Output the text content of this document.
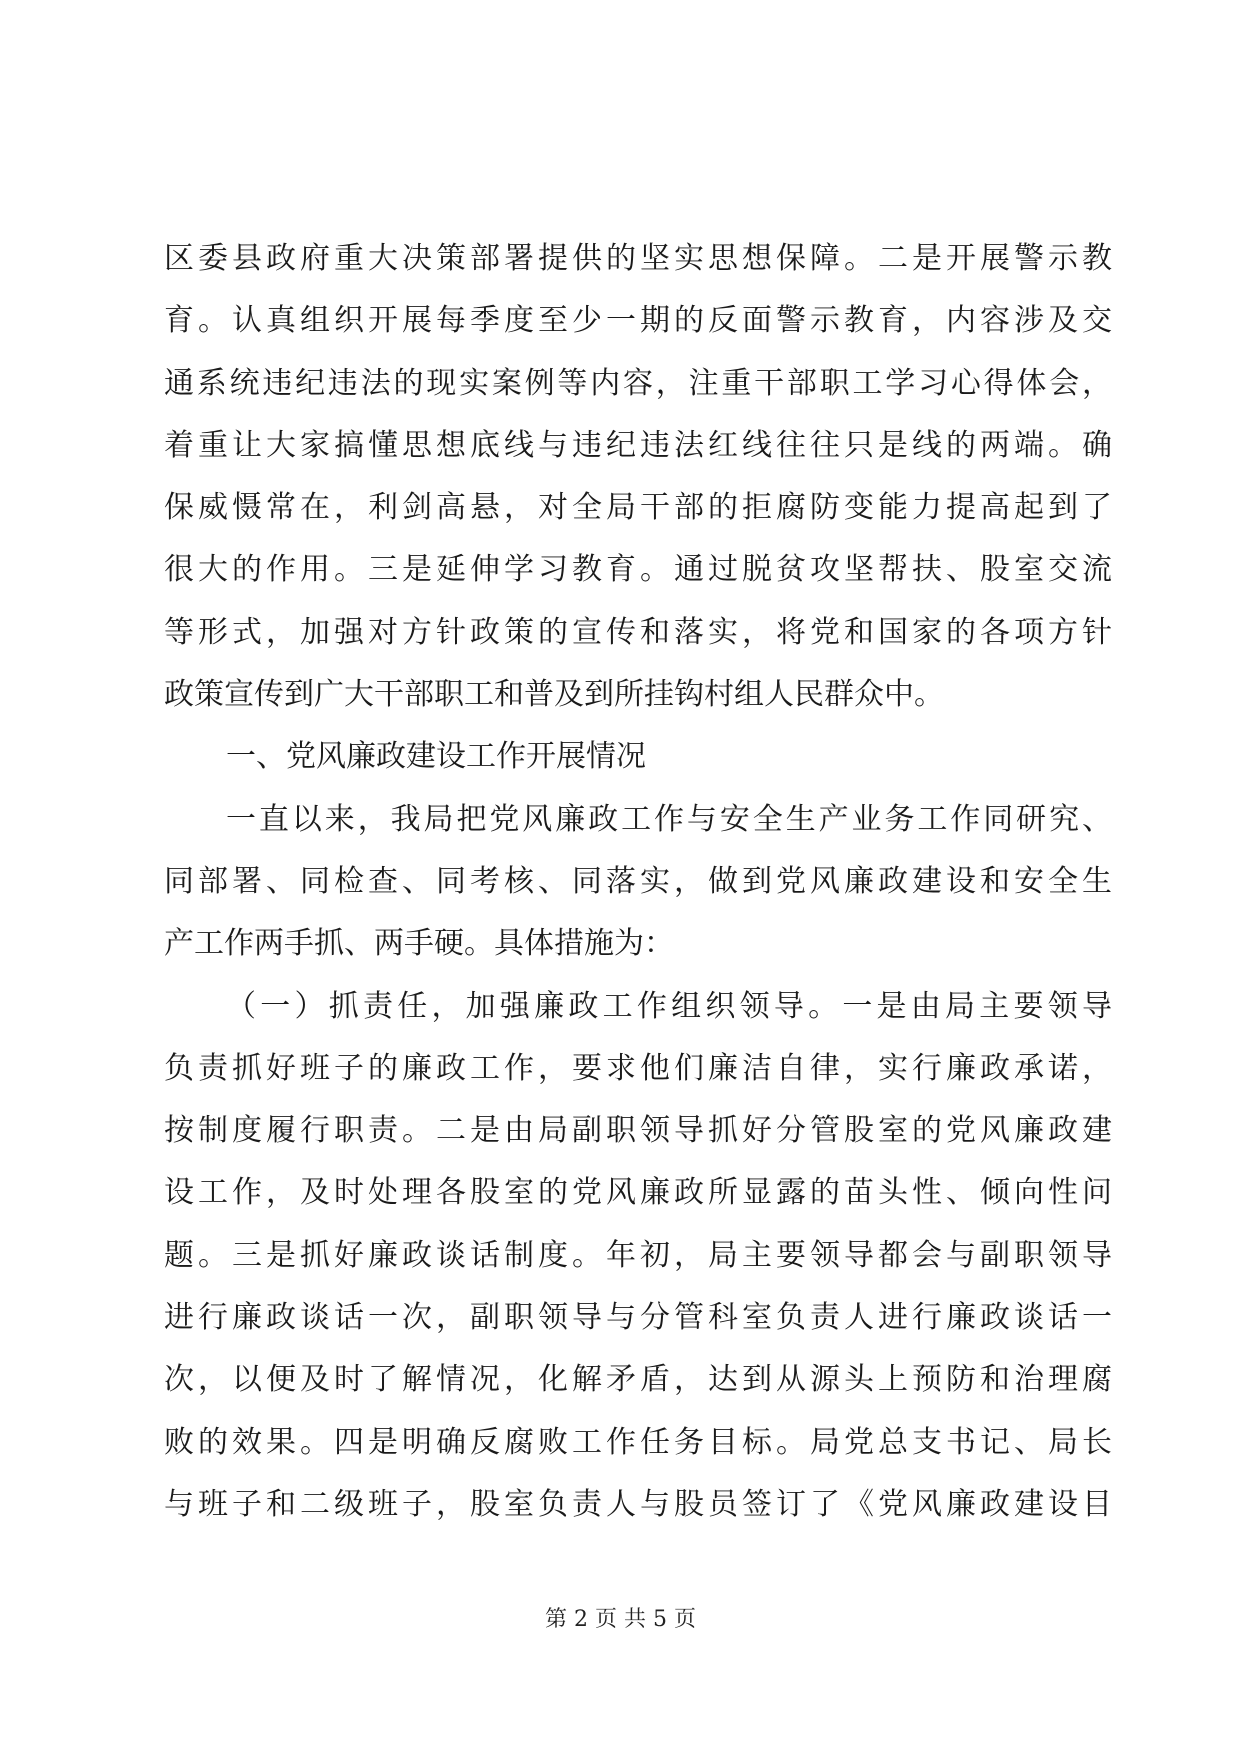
区委县政府重大决策部署提供的坚实思想保障。二是开展警示教
育。认真组织开展每季度至少一期的反面警示教育，内容涉及交
通系统违纪违法的现实案例等内容，注重干部职工学习心得体会，
着重让大家搞懂思想底线与违纪违法红线往往只是线的两端。确
保威慑常在，利剑高悬，对全局干部的拒腐防变能力提高起到了
很大的作用。三是延伸学习教育。通过脱贫攻坚帮扶、股室交流
等形式，加强对方针政策的宣传和落实，将党和国家的各项方针
政策宣传到广大干部职工和普及到所挂钩村组人民群众中。
一、党风廉政建设工作开展情况
一直以来，我局把党风廉政工作与安全生产业务工作同研究、
同部署、同检查、同考核、同落实，做到党风廉政建设和安全生
产工作两手抓、两手硬。具体措施为：
（一）抓责任，加强廉政工作组织领导。一是由局主要领导
负责抓好班子的廉政工作，要求他们廉洁自律，实行廉政承诺，
按制度履行职责。二是由局副职领导抓好分管股室的党风廉政建
设工作，及时处理各股室的党风廉政所显露的苗头性、倾向性问
题。三是抓好廉政谈话制度。年初，局主要领导都会与副职领导
进行廉政谈话一次，副职领导与分管科室负责人进行廉政谈话一
次，以便及时了解情况，化解矛盾，达到从源头上预防和治理腐
败的效果。四是明确反腐败工作任务目标。局党总支书记、局长
与班子和二级班子，股室负责人与股员签订了《党风廉政建设目
第 2 页 共 5 页
